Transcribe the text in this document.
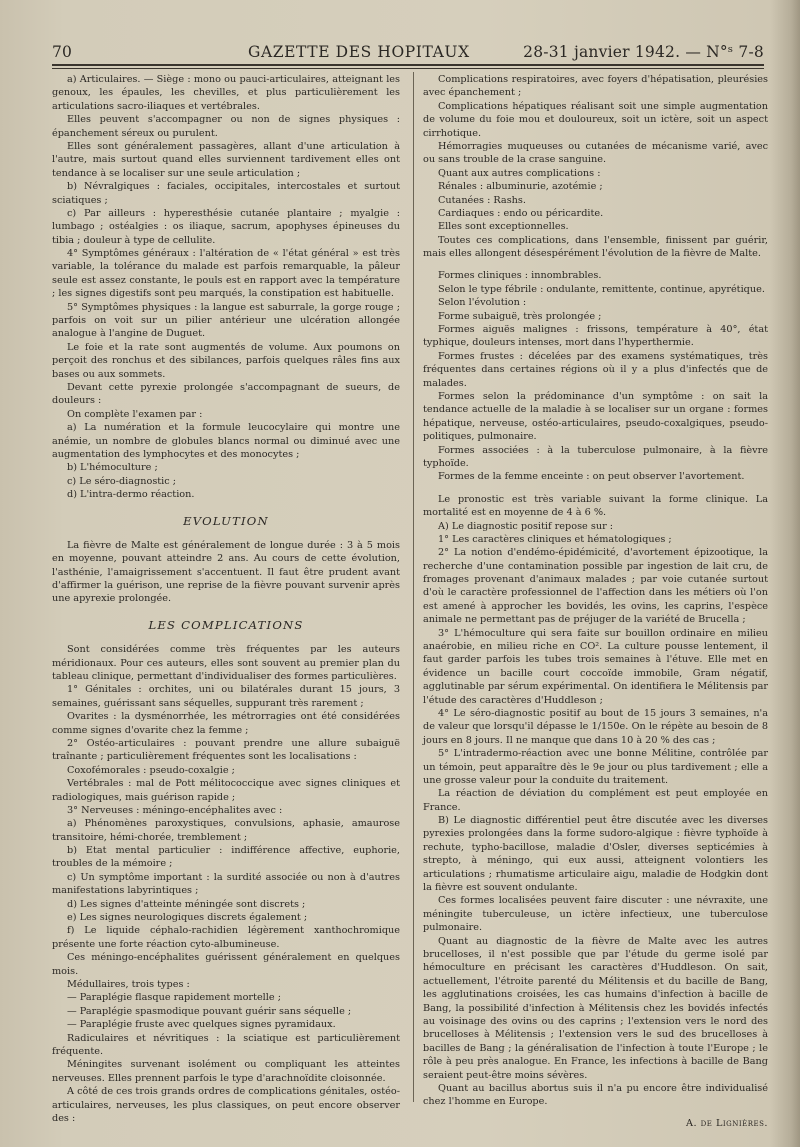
70	GAZETTE DES HOPITAUX	28-31 janvier 1942. — N°ˢ 7-8

a) Articulaires. — Siège : mono ou pauci-articulaires, atteignant les genoux, les épaules, les chevilles, et plus particulièrement les articulations sacro-iliaques et vertébrales.

Elles peuvent s'accompagner ou non de signes physiques : épanchement séreux ou purulent.

Elles sont généralement passagères, allant d'une articulation à l'autre, mais surtout quand elles surviennent tardivement elles ont tendance à se localiser sur une seule articulation ;

b) Névralgiques : faciales, occipitales, intercostales et surtout sciatiques ;

c) Par ailleurs : hyperesthésie cutanée plantaire ; myalgie : lumbago ; ostéalgies : os iliaque, sacrum, apophyses épineuses du tibia ; douleur à type de cellulite.

4° Symptômes généraux : l'altération de « l'état général » est très variable, la tolérance du malade est parfois remarquable, la pâleur seule est assez constante, le pouls est en rapport avec la température ; les signes digestifs sont peu marqués, la constipation est habituelle.

5° Symptômes physiques : la langue est saburrale, la gorge rouge ; parfois on voit sur un pilier antérieur une ulcération allongée analogue à l'angine de Duguet.

Le foie et la rate sont augmentés de volume. Aux poumons on perçoit des ronchus et des sibilances, parfois quelques râles fins aux bases ou aux sommets.

Devant cette pyrexie prolongée s'accompagnant de sueurs, de douleurs :

On complète l'examen par :

a) La numération et la formule leucocylaire qui montre une anémie, un nombre de globules blancs normal ou diminué avec une augmentation des lymphocytes et des monocytes ;

b) L'hémoculture ;

c) Le séro-diagnostic ;

d) L'intra-dermo réaction.

EVOLUTION

La fièvre de Malte est généralement de longue durée : 3 à 5 mois en moyenne, pouvant atteindre 2 ans. Au cours de cette évolution, l'asthénie, l'amaigrissement s'accentuent. Il faut être prudent avant d'affirmer la guérison, une reprise de la fièvre pouvant survenir après une apyrexie prolongée.

LES COMPLICATIONS

Sont considérées comme très fréquentes par les auteurs méridionaux. Pour ces auteurs, elles sont souvent au premier plan du tableau clinique, permettant d'individualiser des formes particulières.

1° Génitales : orchites, uni ou bilatérales durant 15 jours, 3 semaines, guérissant sans séquelles, suppurant très rarement ;

Ovarites : la dysménorrhée, les métrorragies ont été considérées comme signes d'ovarite chez la femme ;

2° Ostéo-articulaires : pouvant prendre une allure subaiguë traînante ; particulièrement fréquentes sont les localisations :

Coxofémorales : pseudo-coxalgie ;

Vertébrales : mal de Pott mélitococcique avec signes cliniques et radiologiques, mais guérison rapide ;

3° Nerveuses : méningo-encéphalites avec :

a) Phénomènes paroxystiques, convulsions, aphasie, amaurose transitoire, hémi-chorée, tremblement ;

b) Etat mental particulier : indifférence affective, euphorie, troubles de la mémoire ;

c) Un symptôme important : la surdité associée ou non à d'autres manifestations labyrintiques ;

d) Les signes d'atteinte méningée sont discrets ;

e) Les signes neurologiques discrets également ;

f) Le liquide céphalo-rachidien légèrement xanthochromique présente une forte réaction cyto-albumineuse.

Ces méningo-encéphalites guérissent généralement en quelques mois.

Médullaires, trois types :

— Paraplégie flasque rapidement mortelle ;

— Paraplégie spasmodique pouvant guérir sans séquelle ;

— Paraplégie fruste avec quelques signes pyramidaux.

Radiculaires et névritiques : la sciatique est particulièrement fréquente.

Méningites survenant isolément ou compliquant les atteintes nerveuses. Elles prennent parfois le type d'arachnoïdite cloisonnée.

A côté de ces trois grands ordres de complications génitales, ostéo-articulaires, nerveuses, les plus classiques, on peut encore observer des :

Complications respiratoires, avec foyers d'hépatisation, pleurésies avec épanchement ;

Complications hépatiques réalisant soit une simple augmentation de volume du foie mou et douloureux, soit un ictère, soit un aspect cirrhotique.

Hémorragies muqueuses ou cutanées de mécanisme varié, avec ou sans trouble de la crase sanguine.

Quant aux autres complications :

Rénales : albuminurie, azotémie ;

Cutanées : Rashs.

Cardiaques : endo ou péricardite.

Elles sont exceptionnelles.

Toutes ces complications, dans l'ensemble, finissent par guérir, mais elles allongent désespérément l'évolution de la fièvre de Malte.

Formes cliniques : innombrables.

Selon le type fébrile : ondulante, remittente, continue, apyrétique.

Selon l'évolution :

Forme subaiguë, très prolongée ;

Formes aiguës malignes : frissons, température à 40°, état typhique, douleurs intenses, mort dans l'hyperthermie.

Formes frustes : décelées par des examens systématiques, très fréquentes dans certaines régions où il y a plus d'infectés que de malades.

Formes selon la prédominance d'un symptôme : on sait la tendance actuelle de la maladie à se localiser sur un organe : formes hépatique, nerveuse, ostéo-articulaires, pseudo-coxalgiques, pseudo-politiques, pulmonaire.

Formes associées : à la tuberculose pulmonaire, à la fièvre typhoïde.

Formes de la femme enceinte : on peut observer l'avortement.

Le pronostic est très variable suivant la forme clinique. La mortalité est en moyenne de 4 à 6 %.

A) Le diagnostic positif repose sur :

1° Les caractères cliniques et hématologiques ;

2° La notion d'endémo-épidémicité, d'avortement épizootique, la recherche d'une contamination possible par ingestion de lait cru, de fromages provenant d'animaux malades ; par voie cutanée surtout d'où le caractère professionnel de l'affection dans les métiers où l'on est amené à approcher les bovidés, les ovins, les caprins, l'espèce animale ne permettant pas de préjuger de la variété de Brucella ;

3° L'hémoculture qui sera faite sur bouillon ordinaire en milieu anaérobie, en milieu riche en CO². La culture pousse lentement, il faut garder parfois les tubes trois semaines à l'étuve. Elle met en évidence un bacille court coccoïde immobile, Gram négatif, agglutinable par sérum expérimental. On identifiera le Mélitensis par l'étude des caractères d'Huddleson ;

4° Le séro-diagnostic positif au bout de 15 jours 3 semaines, n'a de valeur que lorsqu'il dépasse le 1/150e. On le répète au besoin de 8 jours en 8 jours. Il ne manque que dans 10 à 20 % des cas ;

5° L'intradermo-réaction avec une bonne Mélitine, contrôlée par un témoin, peut apparaître dès le 9e jour ou plus tardivement ; elle a une grosse valeur pour la conduite du traitement.

La réaction de déviation du complément est peut employée en France.

B) Le diagnostic différentiel peut être discutée avec les diverses pyrexies prolongées dans la forme sudoro-algique : fièvre typhoïde à rechute, typho-bacillose, maladie d'Osler, diverses septicémies à strepto, à méningo, qui eux aussi, atteignent volontiers les articulations ; rhumatisme articulaire aigu, maladie de Hodgkin dont la fièvre est souvent ondulante.

Ces formes localisées peuvent faire discuter : une névraxite, une méningite tuberculeuse, un ictère infectieux, une tuberculose pulmonaire.

Quant au diagnostic de la fièvre de Malte avec les autres brucelloses, il n'est possible que par l'étude du germe isolé par hémoculture en précisant les caractères d'Huddleson. On sait, actuellement, l'étroite parenté du Mélitensis et du bacille de Bang, les agglutinations croisées, les cas humains d'infection à bacille de Bang, la possibilité d'infection à Mélitensis chez les bovidés infectés au voisinage des ovins ou des caprins ; l'extension vers le nord des brucelloses à Mélitensis ; l'extension vers le sud des brucelloses à bacilles de Bang ; la généralisation de l'infection à toute l'Europe ; le rôle à peu près analogue. En France, les infections à bacille de Bang seraient peut-être moins sévères.

Quant au bacillus abortus suis il n'a pu encore être individualisé chez l'homme en Europe.

A. de Lignières.
